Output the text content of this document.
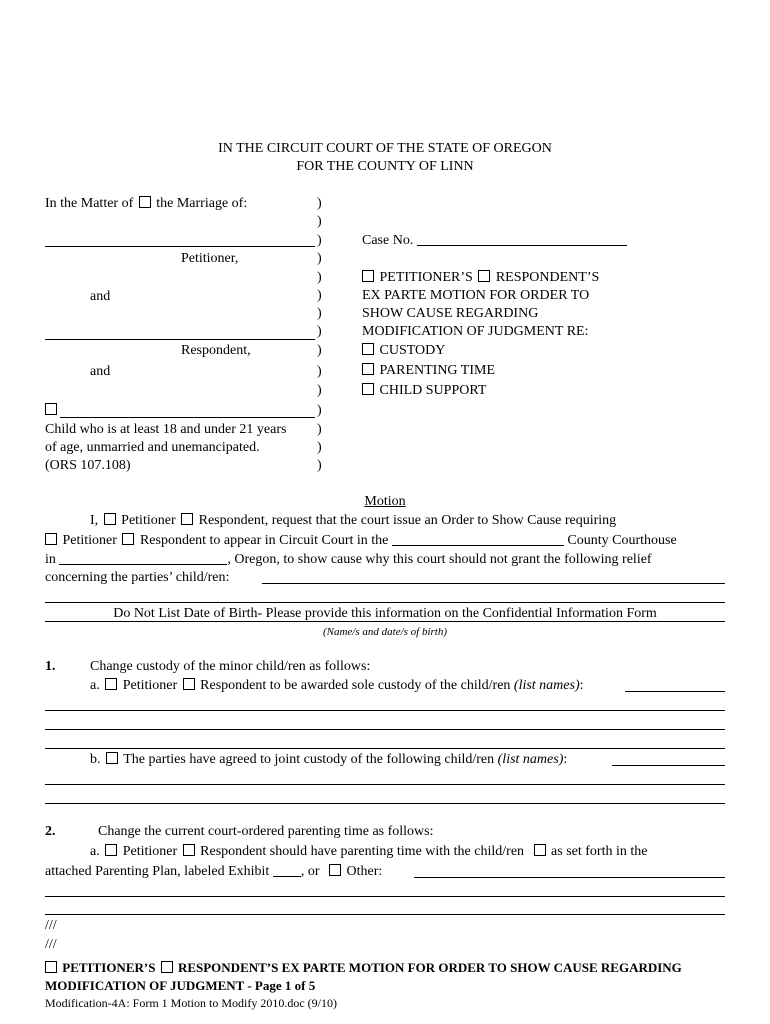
IN THE CIRCUIT COURT OF THE STATE OF OREGON
FOR THE COUNTY OF LINN
In the Matter of the Marriage of:
Petitioner,
and
Respondent,
and
Child who is at least 18 and under 21 years
of age, unmarried and unemancipated.
(ORS 107.108)
)
)
)
)
)
)
)
)
)
)
)
)
)
)
)
Case No.
PETITIONER’S RESPONDENT’S
EX PARTE MOTION FOR ORDER TO
SHOW CAUSE REGARDING
MODIFICATION OF JUDGMENT RE:
CUSTODY
PARENTING TIME
CHILD SUPPORT
Motion
I, Petitioner Respondent, request that the court issue an Order to Show Cause requiring
Petitioner Respondent to appear in Circuit Court in the	County Courthouse
in	, Oregon, to show cause why this court should not grant the following relief
concerning the parties’ child/ren:
Do Not List Date of Birth- Please provide this information on the Confidential Information Form
(Name/s and date/s of birth)
1. Change custody of the minor child/ren as follows:
a. Petitioner Respondent to be awarded sole custody of the child/ren (list names):
b. The parties have agreed to joint custody of the following child/ren (list names):
2.	Change the current court-ordered parenting time as follows:
a. Petitioner Respondent should have parenting time with the child/ren as set forth in the
attached Parenting Plan, labeled Exhibit , or Other:
///
///
PETITIONER’S RESPONDENT’S EX PARTE MOTION FOR ORDER TO SHOW CAUSE REGARDING
MODIFICATION OF JUDGMENT - Page 1 of 5
Modification-4A: Form 1 Motion to Modify 2010.doc (9/10)
